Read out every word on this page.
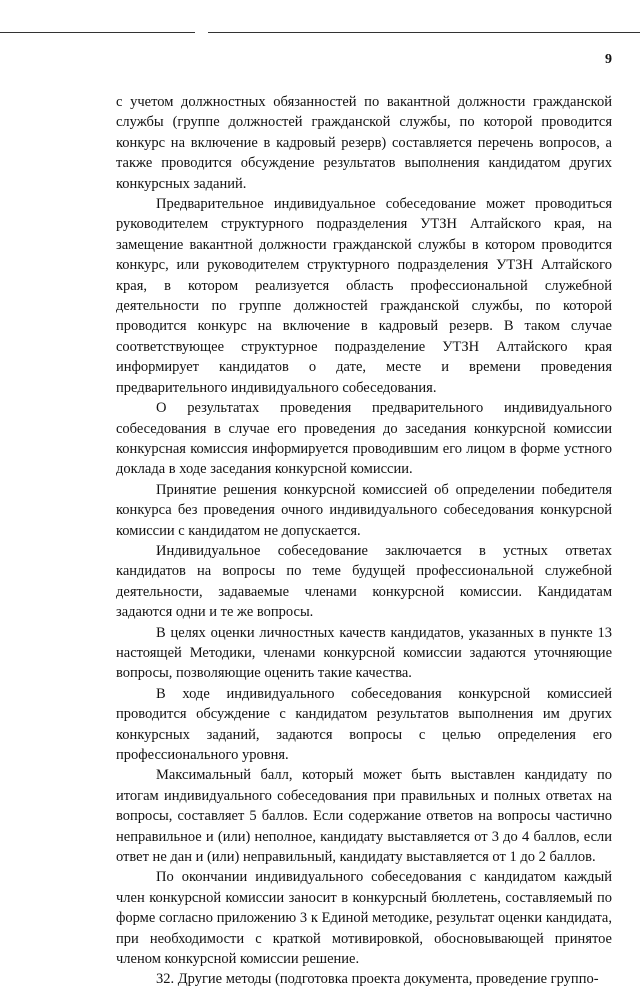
9

с учетом должностных обязанностей по вакантной должности гражданской службы (группе должностей гражданской службы, по которой проводится конкурс на включение в кадровый резерв) составляется перечень вопросов, а также проводится обсуждение результатов выполнения кандидатом других конкурсных заданий.

Предварительное индивидуальное собеседование может проводиться руководителем структурного подразделения УТЗН Алтайского края, на замещение вакантной должности гражданской службы в котором проводится конкурс, или руководителем структурного подразделения УТЗН Алтайского края, в котором реализуется область профессиональной служебной деятельности по группе должностей гражданской службы, по которой проводится конкурс на включение в кадровый резерв. В таком случае соответствующее структурное подразделение УТЗН Алтайского края информирует кандидатов о дате, месте и времени проведения предварительного индивидуального собеседования.

О результатах проведения предварительного индивидуального собеседования в случае его проведения до заседания конкурсной комиссии конкурсная комиссия информируется проводившим его лицом в форме устного доклада в ходе заседания конкурсной комиссии.

Принятие решения конкурсной комиссией об определении победителя конкурса без проведения очного индивидуального собеседования конкурсной комиссии с кандидатом не допускается.

Индивидуальное собеседование заключается в устных ответах кандидатов на вопросы по теме будущей профессиональной служебной деятельности, задаваемые членами конкурсной комиссии. Кандидатам задаются одни и те же вопросы.

В целях оценки личностных качеств кандидатов, указанных в пункте 13 настоящей Методики, членами конкурсной комиссии задаются уточняющие вопросы, позволяющие оценить такие качества.

В ходе индивидуального собеседования конкурсной комиссией проводится обсуждение с кандидатом результатов выполнения им других конкурсных заданий, задаются вопросы с целью определения его профессионального уровня.

Максимальный балл, который может быть выставлен кандидату по итогам индивидуального собеседования при правильных и полных ответах на вопросы, составляет 5 баллов. Если содержание ответов на вопросы частично неправильное и (или) неполное, кандидату выставляется от 3 до 4 баллов, если ответ не дан и (или) неправильный, кандидату выставляется от 1 до 2 баллов.

По окончании индивидуального собеседования с кандидатом каждый член конкурсной комиссии заносит в конкурсный бюллетень, составляемый по форме согласно приложению 3 к Единой методике, результат оценки кандидата, при необходимости с краткой мотивировкой, обосновывающей принятое членом конкурсной комиссии решение.

32. Другие методы (подготовка проекта документа, проведение группо-
